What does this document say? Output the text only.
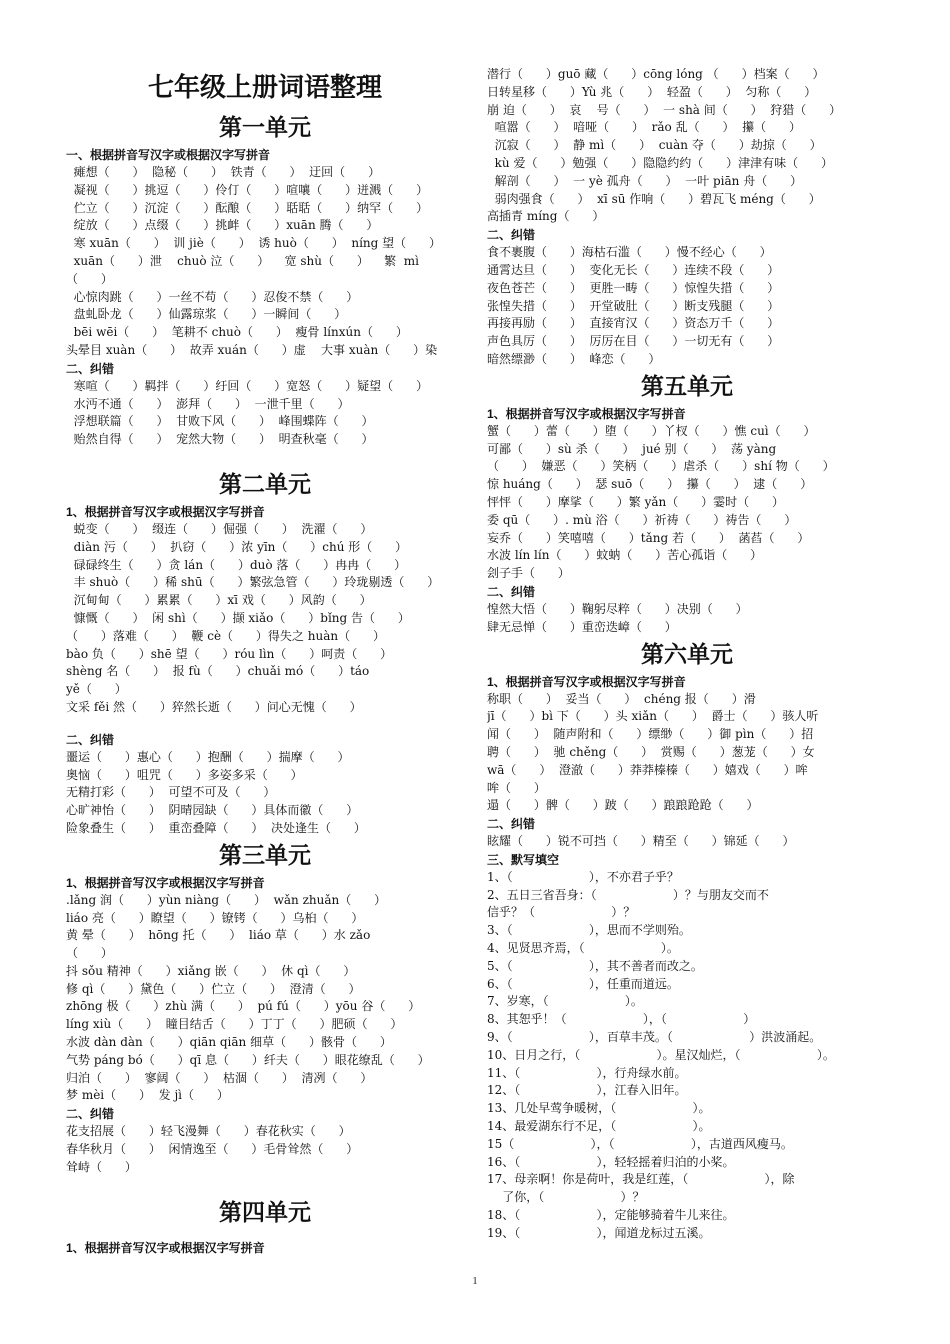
七年级上册词语整理
第一单元
一、根据拼音写汉字或根据汉字写拼音
瘫想（      ）  隐秘（      ）  铁青（      ）  迂回（      ）
凝视（      ）挑逗（      ）伶仃（      ）喧嚷（      ）迸溅（      ）
伫立（      ）沉淀（      ）酝酿（      ）聒聒（      ）纳罕（      ）
绽放（      ）点缀（      ）挑衅（      ）xuān 腾（      ）
寒 xuān（      ）  训 jiè（      ）  诱 huò（      ）  níng 望（      ）
xuān（      ）泄    chuò 泣（      ）    宽 shù（      ）    繁  mì
（      ）
心惊肉跳（      ）一丝不苟（      ）忍俊不禁（      ）
盘虬卧龙（      ）仙露琼浆（      ）一瞬间（      ）
bēi wēi（      ）  笔耕不 chuò（      ）  瘦骨 línxún（      ）
头晕目 xuàn（      ）  故弄 xuán（      ）虚    大事 xuàn（      ）染
二、纠错
寒喧（      ）羁拌（      ）纡回（      ）宽怒（      ）疑望（      ）
水沔不通（      ）  澎拜（      ）  一泄千里（      ）
浮想联篇（      ）  甘败下风（      ）  峰围蝶阵（      ）
贻然自得（      ）  宠然大物（      ）  明查秋毫（      ）
第二单元
1、根据拼音写汉字或根据汉字写拼音
蜕变（      ）  缀连（      ）倔强（      ）  洗濯（      ）
diàn 污（      ）  扒窃（      ）浓 yīn（      ）chú 形（      ）
碌碌终生（      ）贪 lán（      ）duò 落（      ）冉冉（      ）
丰 shuò（      ）稀 shū（      ）繁弦急管（      ）玲珑剔透（      ）
沉甸甸（      ）累累（      ）xī 戏（      ）风韵（      ）
慷慨（      ）  闲 shì（      ）撷 xiǎo（      ）bǐng 告（      ）
（      ）落难（      ）  鞭 cè（      ）得失之 huàn（      ）
bào 负（      ）shē 望（      ）róu lìn（      ）呵责（      ）
shèng 名（      ）  报 fù（      ）chuǎi mó（      ）táo
yě（      ）
文采 fěi 然（      ）猝然长逝（      ）问心无愧（      ）
二、纠错
噩运（      ）惠心（      ）抱酬（      ）揣摩（      ）
奥恼（      ）咀咒（      ）多姿多采（      ）
无精打彩（      ）  可望不可及（      ）
心旷神怡（      ）  阴晴园缺（      ）具体而徽（      ）
险象叠生（      ）  重峦叠障（      ）  决处逢生（      ）
第三单元
1、根据拼音写汉字或根据汉字写拼音
.lǎng 润（      ）yùn niàng（      ）  wǎn zhuǎn（      ）
liáo 亮（      ）瞭望（      ）镣铐（      ）乌桕（      ）
黄 晕（      ）  hōng 托（      ）  liáo 草（      ）水 zǎo
（      ）
抖 sǒu 精神（      ）xiǎng 嵌（      ）  休 qì（      ）
修 qì（      ）黛色（      ）伫立（      ）  澄清（      ）
zhōng 极（      ）zhù 满（      ）  pú fú（      ）yōu 谷（      ）
líng xiù（      ）  瞳目结舌（      ）丁丁（      ）肥硕（      ）
水波 dàn dàn（      ）qiān qiān 细草（      ）骸骨（      ）
气势 páng bó（      ）qī 息（      ）纤夫（      ）眼花缭乱（      ）
归泊（      ）  寥阔（      ）  枯涸（      ）  清冽（      ）
梦 mèi（      ）  发 jì（      ）
二、纠错
花支招展（      ）轻飞漫舞（      ）春花秋实（      ）
春华秋月（      ）  闲情逸至（      ）毛骨耸然（      ）
耸峙（      ）
第四单元
1、根据拼音写汉字或根据汉字写拼音
潜行（      ）guō 藏（      ）cōng lóng （      ）档案（      ）
日转星移（      ）Yù 兆（      ）  轻盈（      ）  匀称（      ）
崩 迫（      ）  哀    号（      ）  一 shà 间（      ）  狩猎（      ）
喧嚣（      ）  喑哑（      ）  rǎo 乱（      ）  攥（      ）
沉寂（      ）  静 mì（      ）  cuàn 夺（      ）劫掠（      ）
kù 爱（      ）勉强（      ）隐隐约约（      ）津津有味（      ）
解剖（      ）  一 yè 孤舟（      ）  一叶 piān 舟（      ）
弱肉强食（      ）  xī sū 作响（      ）碧瓦飞 méng（      ）
高插青 míng（      ）
二、纠错
食不裹腹（      ）海枯石滥（      ）慢不经心（      ）
通霄达旦（      ）  变化无长（      ）连续不段（      ）
夜色苍芒（      ）  更胜一畴（      ）惊惶失措（      ）
张惶失措（      ）  开堂破肚（      ）断支残腿（      ）
再接再励（      ）  直接宵汉（      ）资态万千（      ）
声色具厉（      ）  厉厉在目（      ）一切无有（      ）
暗然缥渺（      ）  峰恋（      ）
第五单元
1、根据拼音写汉字或根据汉字写拼音
蟹（      ）蕾（      ）堕（      ）丫杈（      ）憔 cuì（      ）
可鄙（      ）sù 杀（      ）  jué 别（      ）  荡 yàng
（      ）  嫌恶（      ）笑柄（      ）虐杀（      ）shí 物（      ）
惊 huáng（      ）  瑟 suō（      ）  攥（      ）  逮（      ）
怦怦（      ）摩挲（      ）繁 yǎn（      ）霎时（      ）
委 qū（      ）. mù 浴（      ）祈祷（      ）祷告（      ）
妄乔（      ）笑嘻嘻（      ）tǎng 若（      ）  菡萏（      ）
水波 lín lín（      ）蚊蚋（      ）苦心孤诣（      ）
刽子手（      ）
二、纠错
惶然大悟（      ）鞠躬尽粹（      ）决别（      ）
肆无忌惮（      ）重峦迭嶂（      ）
第六单元
1、根据拼音写汉字或根据汉字写拼音
称职（      ）  妥当（      ）  chéng 报（      ）滑
jī（      ）bì 下（      ）头 xiǎn（      ）  爵士（      ）骇人听
闻（      ）  随声附和（      ）缥缈（      ）御 pìn（      ）招
聘（      ）  驰 chěng（      ）  赏赐（      ）葱茏（      ）女
wā（      ）  澄澈（      ）莽莽榛榛（      ）嬉戏（      ）哞
哞（      ）
遢（      ）髀（      ）跛（      ）踉踉跄跄（      ）
二、纠错
眩耀（      ）锐不可挡（      ）精至（      ）锦延（      ）
三、默写填空
1、（                    ），不亦君子乎？
2、五日三省吾身：（                    ）？与朋友交而不
信乎？（                    ）？
3、（                    ），思而不学则殆。
4、见贤思齐焉，（                    ）。
5、（                    ），其不善者而改之。
6、（                    ），任重而道远。
7、岁寒，（                    ）。
8、其恕乎！（                    ），（                    ）
9、（                    ），百草丰茂。（                    ）洪波涌起。
10、日月之行，（                    ）。星汉灿烂，（                    ）。
11、（                    ），行舟绿水前。
12、（                    ），江春入旧年。
13、几处早莺争暖树，（                    ）。
14、最爱湖东行不足，（                    ）。
15（                    ），（                    ），古道西风瘦马。
16、（                    ），轻轻摇着归泊的小桨。
17、母亲啊！你是荷叶，我是红莲，（                    ），除
了你，（                    ）？
18、（                    ），定能够骑着牛儿来往。
19、（                    ），闻道龙标过五溪。
1
